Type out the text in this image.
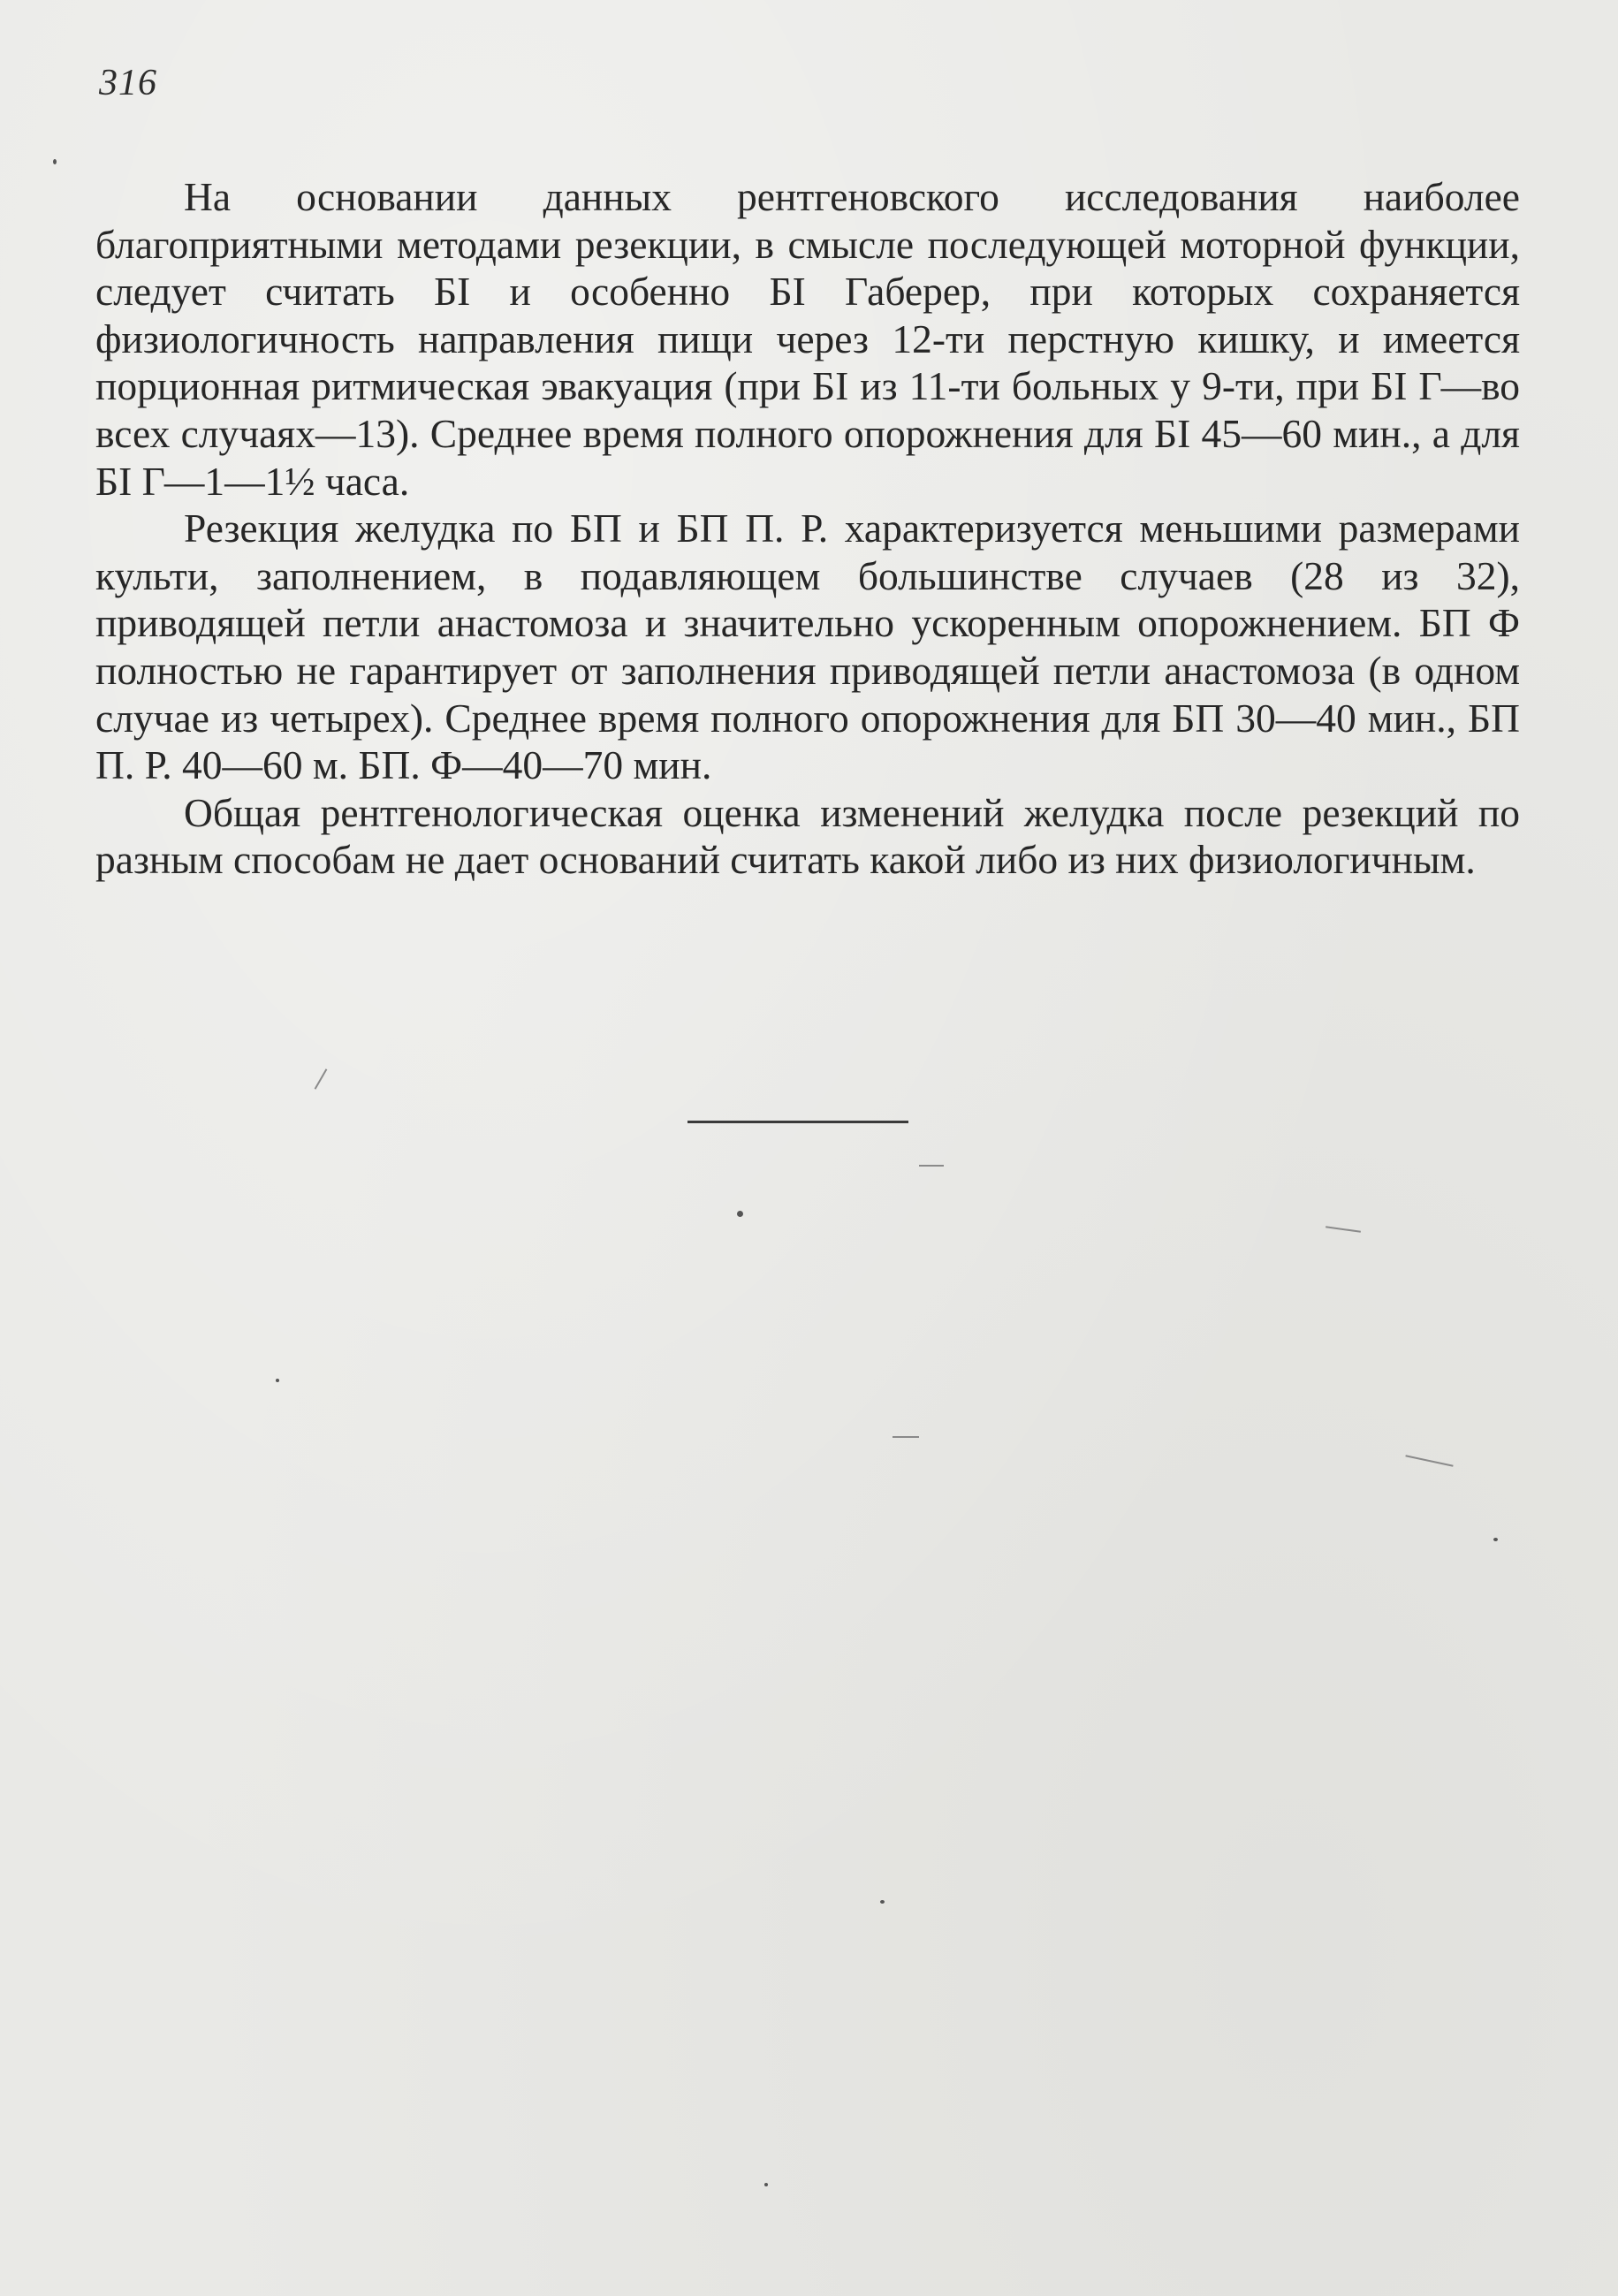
316

На основании данных рентгеновского исследования наиболее благоприятными методами резекции, в смысле последующей моторной функции, следует считать БI и особенно БI Габерер, при которых сохраняется физиологичность направления пищи через 12-ти перстную кишку, и имеется порционная ритмическая эвакуация (при БI из 11-ти больных у 9-ти, при БI Г—во всех случаях—13). Среднее время полного опорожнения для БI 45—60 мин., а для БI Г—1—1½ часа.

Резекция желудка по БП и БП П. Р. характеризуется меньшими размерами культи, заполнением, в подавляющем большинстве случаев (28 из 32), приводящей петли анастомоза и значительно ускоренным опорожнением. БП Ф полностью не гарантирует от заполнения приводящей петли анастомоза (в одном случае из четырех). Среднее время полного опорожнения для БП 30—40 мин., БП П. Р. 40—60 м. БП. Ф—40—70 мин.

Общая рентгенологическая оценка изменений желудка после резекций по разным способам не дает оснований считать какой либо из них физиологичным.
